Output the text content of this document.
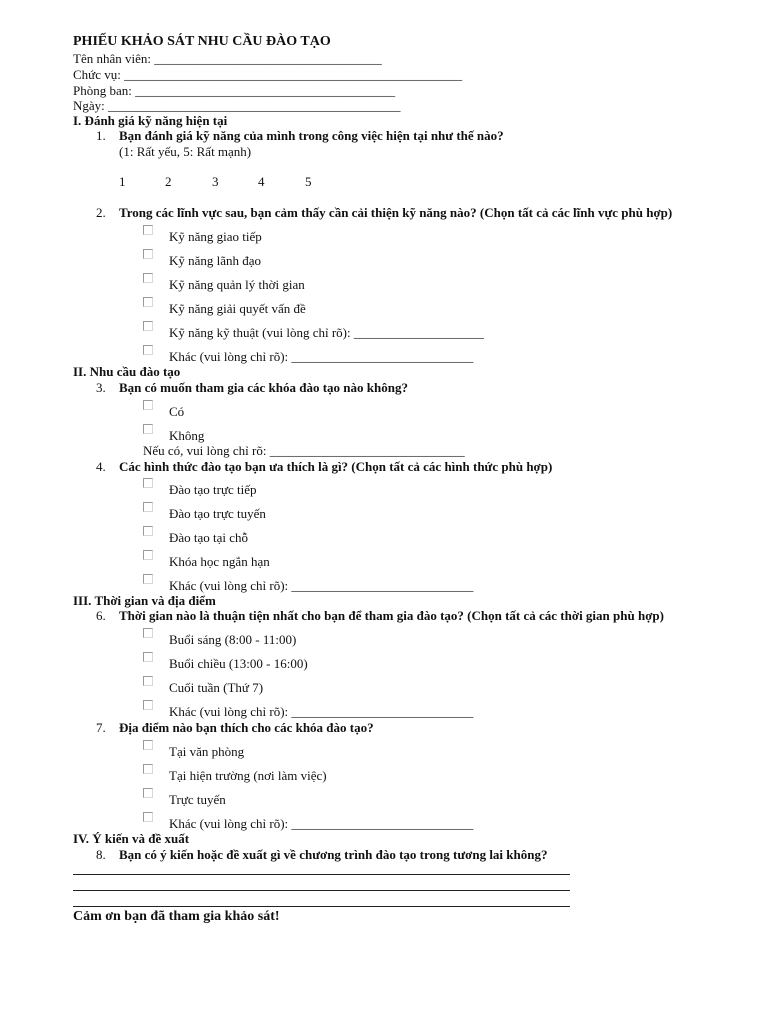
PHIẾU KHẢO SÁT NHU CẦU ĐÀO TẠO
Tên nhân viên: ___________________________________
Chức vụ: ____________________________________________________
Phòng ban: ________________________________________
Ngày: _____________________________________________
I. Đánh giá kỹ năng hiện tại
1. Bạn đánh giá kỹ năng của mình trong công việc hiện tại như thế nào?
(1: Rất yếu, 5: Rất mạnh)
1	2	3	4	5
2. Trong các lĩnh vực sau, bạn cảm thấy cần cải thiện kỹ năng nào? (Chọn tất cả các lĩnh vực phù hợp)
Kỹ năng giao tiếp
Kỹ năng lãnh đạo
Kỹ năng quản lý thời gian
Kỹ năng giải quyết vấn đề
Kỹ năng kỹ thuật (vui lòng chỉ rõ): ____________________
Khác (vui lòng chỉ rõ): ____________________________
II. Nhu cầu đào tạo
3. Bạn có muốn tham gia các khóa đào tạo nào không?
Có
Không
Nếu có, vui lòng chỉ rõ: ______________________________
4. Các hình thức đào tạo bạn ưa thích là gì? (Chọn tất cả các hình thức phù hợp)
Đào tạo trực tiếp
Đào tạo trực tuyến
Đào tạo tại chỗ
Khóa học ngắn hạn
Khác (vui lòng chỉ rõ): ____________________________
III. Thời gian và địa điểm
6. Thời gian nào là thuận tiện nhất cho bạn để tham gia đào tạo? (Chọn tất cả các thời gian phù hợp)
Buổi sáng (8:00 - 11:00)
Buổi chiều (13:00 - 16:00)
Cuối tuần (Thứ 7)
Khác (vui lòng chỉ rõ): ____________________________
7. Địa điểm nào bạn thích cho các khóa đào tạo?
Tại văn phòng
Tại hiện trường (nơi làm việc)
Trực tuyến
Khác (vui lòng chỉ rõ): ____________________________
IV. Ý kiến và đề xuất
8. Bạn có ý kiến hoặc đề xuất gì về chương trình đào tạo trong tương lai không?
Cảm ơn bạn đã tham gia khảo sát!
